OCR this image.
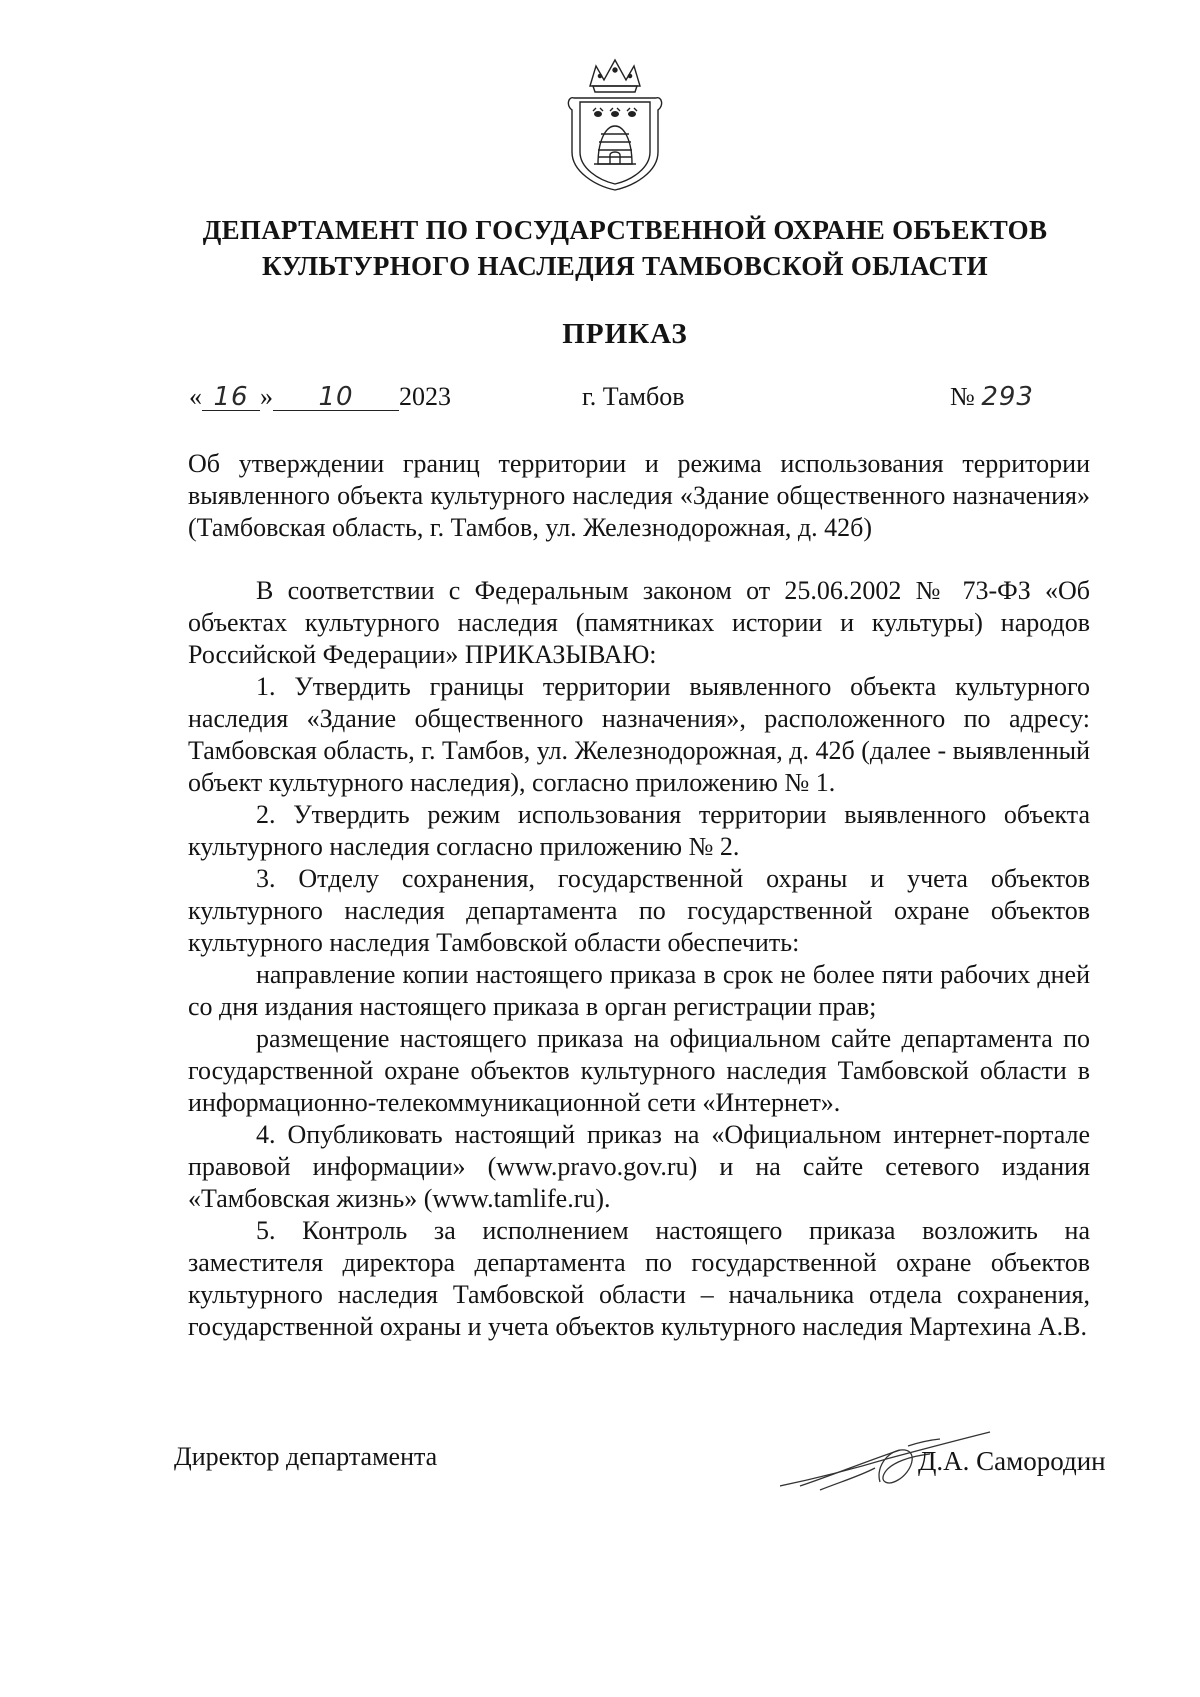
ДЕПАРТАМЕНТ ПО ГОСУДАРСТВЕННОЙ ОХРАНЕ ОБЪЕКТОВ
КУЛЬТУРНОГО НАСЛЕДИЯ ТАМБОВСКОЙ ОБЛАСТИ
ПРИКАЗ
« 16 » 10 2023	г. Тамбов	№ 293
Об утверждении границ территории и режима использования территории выявленного объекта культурного наследия «Здание общественного назначения» (Тамбовская область, г. Тамбов, ул. Железнодорожная, д. 42б)

В соответствии с Федеральным законом от 25.06.2002 № 73-ФЗ «Об объектах культурного наследия (памятниках истории и культуры) народов Российской Федерации» ПРИКАЗЫВАЮ:

1. Утвердить границы территории выявленного объекта культурного наследия «Здание общественного назначения», расположенного по адресу: Тамбовская область, г. Тамбов, ул. Железнодорожная, д. 42б (далее - выявленный объект культурного наследия), согласно приложению № 1.

2. Утвердить режим использования территории выявленного объекта культурного наследия согласно приложению № 2.

3. Отделу сохранения, государственной охраны и учета объектов культурного наследия департамента по государственной охране объектов культурного наследия Тамбовской области обеспечить:

направление копии настоящего приказа в срок не более пяти рабочих дней со дня издания настоящего приказа в орган регистрации прав;

размещение настоящего приказа на официальном сайте департамента по государственной охране объектов культурного наследия Тамбовской области в информационно-телекоммуникационной сети «Интернет».

4. Опубликовать настоящий приказ на «Официальном интернет-портале правовой информации» (www.pravo.gov.ru) и на сайте сетевого издания «Тамбовская жизнь» (www.tamlife.ru).

5. Контроль за исполнением настоящего приказа возложить на заместителя директора департамента по государственной охране объектов культурного наследия Тамбовской области – начальника отдела сохранения, государственной охраны и учета объектов культурного наследия Мартехина А.В.

Директор департамента	Д.А. Самородин
